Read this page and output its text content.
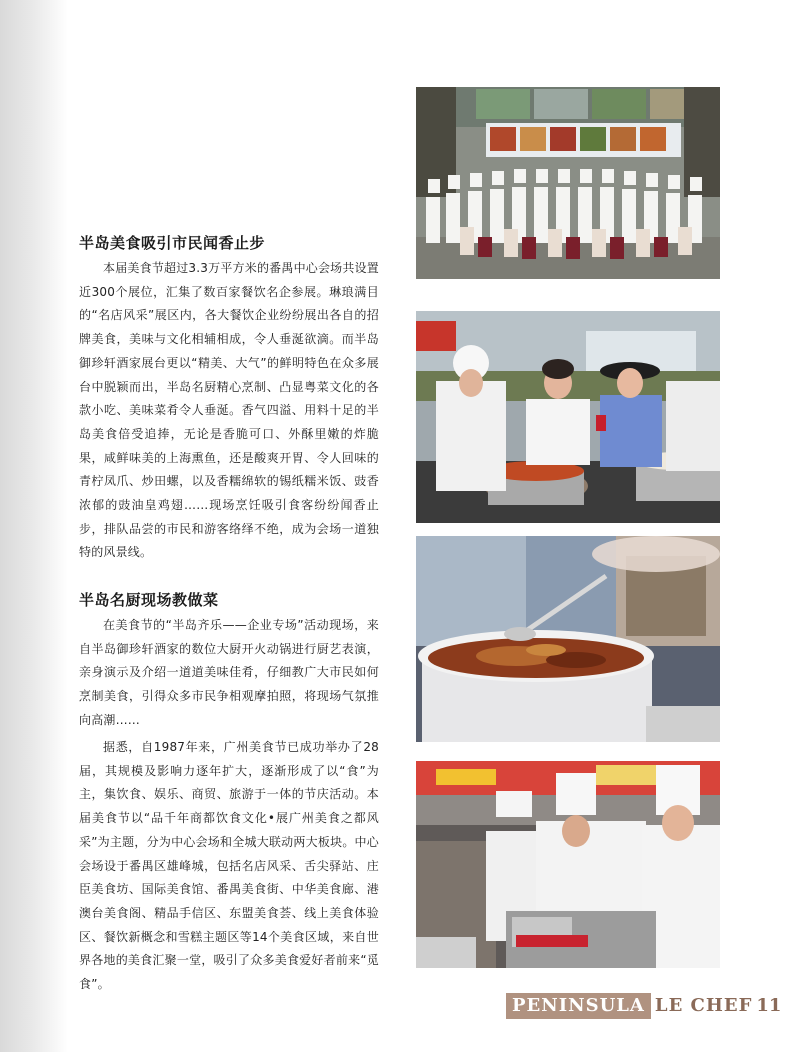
半岛美食吸引市民闻香止步

本届美食节超过3.3万平方米的番禺中心会场共设置近300个展位，汇集了数百家餐饮名企参展。琳琅满目的“名店风采”展区内，各大餐饮企业纷纷展出各自的招牌美食，美味与文化相辅相成，令人垂涎欲滴。而半岛御珍轩酒家展台更以“精美、大气”的鲜明特色在众多展台中脱颖而出，半岛名厨精心烹制、凸显粤菜文化的各款小吃、美味菜肴令人垂涎。香气四溢、用料十足的半岛美食倍受追捧，无论是香脆可口、外酥里嫩的炸脆果，咸鲜味美的上海熏鱼，还是酸爽开胃、令人回味的青柠凤爪、炒田螺，以及香糯绵软的锡纸糯米饭、豉香浓郁的豉油皇鸡翅……现场烹饪吸引食客纷纷闻香止步，排队品尝的市民和游客络绎不绝，成为会场一道独特的风景线。

半岛名厨现场教做菜

在美食节的“半岛齐乐——企业专场”活动现场，来自半岛御珍轩酒家的数位大厨开火动锅进行厨艺表演，亲身演示及介绍一道道美味佳肴，仔细教广大市民如何烹制美食，引得众多市民争相观摩拍照，将现场气氛推向高潮……

据悉，自1987年来，广州美食节已成功举办了28届，其规模及影响力逐年扩大，逐渐形成了以“食”为主，集饮食、娱乐、商贸、旅游于一体的节庆活动。本届美食节以“品千年商都饮食文化•展广州美食之都风采”为主题，分为中心会场和全城大联动两大板块。中心会场设于番禺区雄峰城，包括名店风采、舌尖驿站、庄臣美食坊、国际美食馆、番禺美食街、中华美食廊、港澳台美食阁、精品手信区、东盟美食荟、线上美食体验区、餐饮新概念和雪糕主题区等14个美食区域，来自世界各地的美食汇聚一堂，吸引了众多美食爱好者前来“觅食”。

PENINSULA LE CHEF 11
